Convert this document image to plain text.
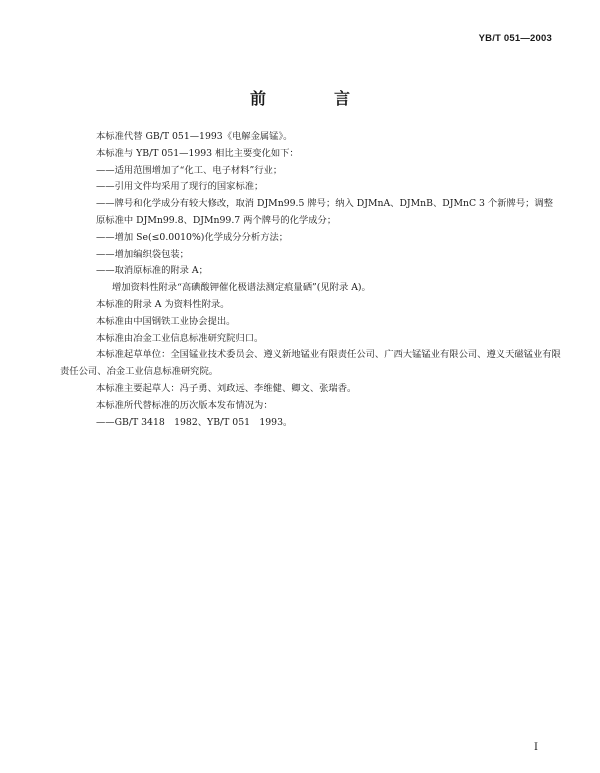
YB/T 051—2003
前　言

本标准代替 GB/T 051—1993《电解金属锰》。

本标准与 YB/T 051—1993 相比主要变化如下：

——适用范围增加了“化工、电子材料”行业；

——引用文件均采用了现行的国家标准；

——牌号和化学成分有较大修改，取消 DJMn99.5 牌号；纳入 DJMnA、DJMnB、DJMnC 3 个新牌号；调整原标准中 DJMn99.8、DJMn99.7 两个牌号的化学成分；

——增加 Se(≤0.0010%)化学成分分析方法；

——增加编织袋包装；

——取消原标准的附录 A；

增加资料性附录“高碘酸钾催化极谱法测定痕量硒”(见附录 A)。

本标准的附录 A 为资料性附录。

本标准由中国钢铁工业协会提出。

本标准由冶金工业信息标准研究院归口。

本标准起草单位：全国锰业技术委员会、遵义新地锰业有限责任公司、广西大锰锰业有限公司、遵义天磁锰业有限责任公司、冶金工业信息标准研究院。

本标准主要起草人：冯子勇、刘政远、李维健、卿文、张瑞香。

本标准所代替标准的历次版本发布情况为：

——GB/T 3418　1982、YB/T 051　1993。

I
